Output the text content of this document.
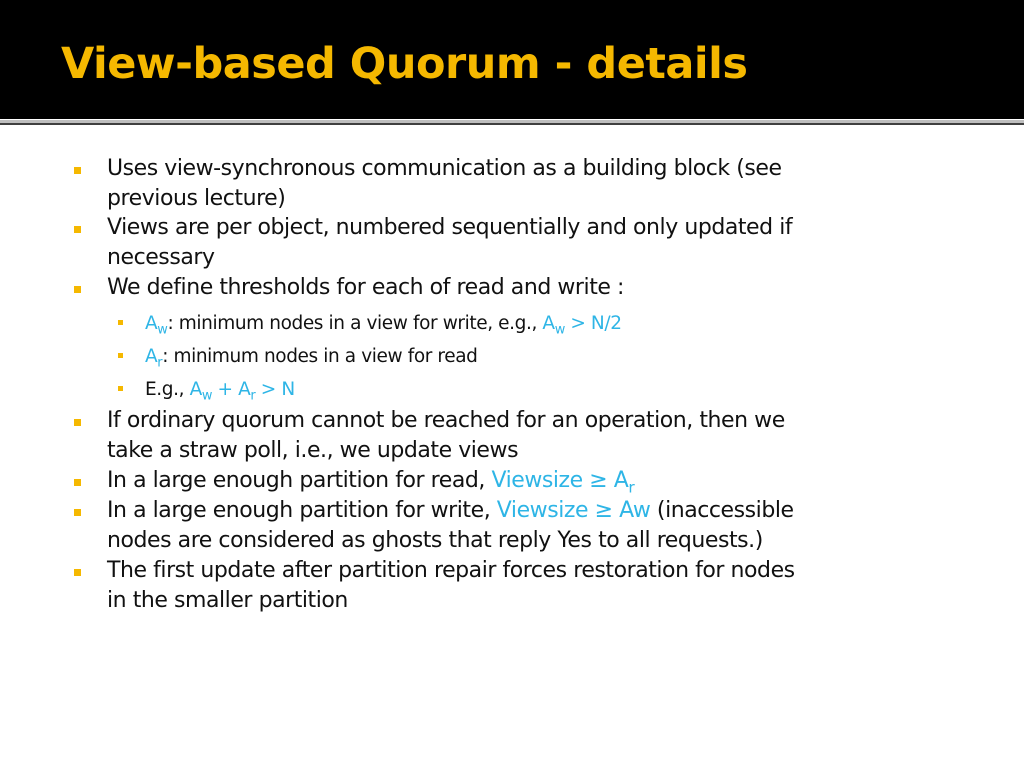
View-based Quorum - details
Uses view-synchronous communication as a building block (see
previous lecture)
Views are per object, numbered sequentially and only updated if
necessary
We define thresholds for each of read and write :
$A_w$: minimum nodes in a view for write, e.g., $A_w > N/2$
$A_r$: minimum nodes in a view for read
E.g., $A_w + A_r > N$
If ordinary quorum cannot be reached for an operation, then we
take a straw poll, i.e., we update views
In a large enough partition for read, Viewsize ≥ $A_r$
In a large enough partition for write, Viewsize ≥ Aw (inaccessible
nodes are considered as ghosts that reply Yes to all requests.)
The first update after partition repair forces restoration for nodes
in the smaller partition
